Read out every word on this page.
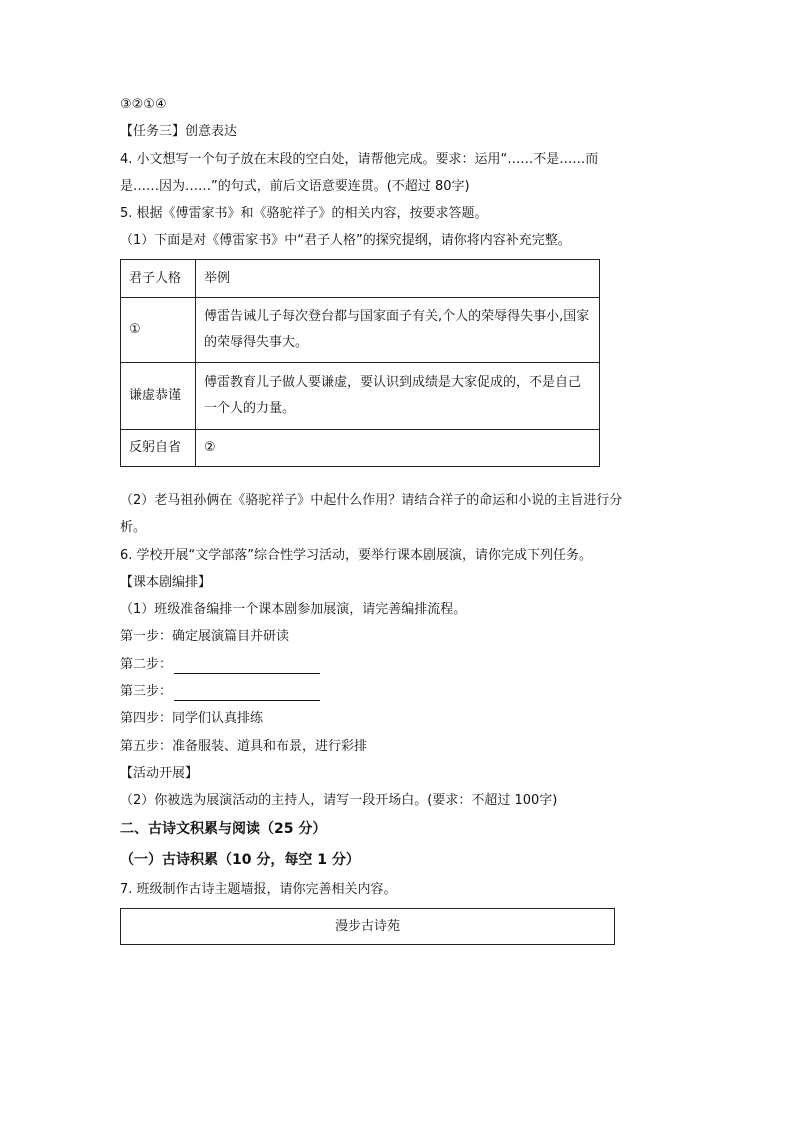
③②①④
【任务三】创意表达
4. 小文想写一个句子放在末段的空白处，请帮他完成。要求：运用“……不是……而
是……因为……”的句式，前后文语意要连贯。(不超过 80字)
5. 根据《傅雷家书》和《骆驼祥子》的相关内容，按要求答题。
（1）下面是对《傅雷家书》中“君子人格”的探究提纲，请你将内容补充完整。
君子人格	举例
①	傅雷告诫儿子每次登台都与国家面子有关,个人的荣辱得失事小,国家的荣辱得失事大。
谦虚恭谨	傅雷教育儿子做人要谦虚，要认识到成绩是大家促成的，不是自己一个人的力量。
反躬自省	②
（2）老马祖孙俩在《骆驼祥子》中起什么作用？请结合祥子的命运和小说的主旨进行分
析。
6. 学校开展“文学部落”综合性学习活动，要举行课本剧展演，请你完成下列任务。
【课本剧编排】
（1）班级准备编排一个课本剧参加展演，请完善编排流程。
第一步：确定展演篇目并研读
第二步：
第三步：
第四步：同学们认真排练
第五步：准备服装、道具和布景，进行彩排
【活动开展】
（2）你被选为展演活动的主持人，请写一段开场白。(要求：不超过 100字)
二、古诗文积累与阅读（25 分）
（一）古诗积累（10 分，每空 1 分）
7. 班级制作古诗主题墙报，请你完善相关内容。
漫步古诗苑
